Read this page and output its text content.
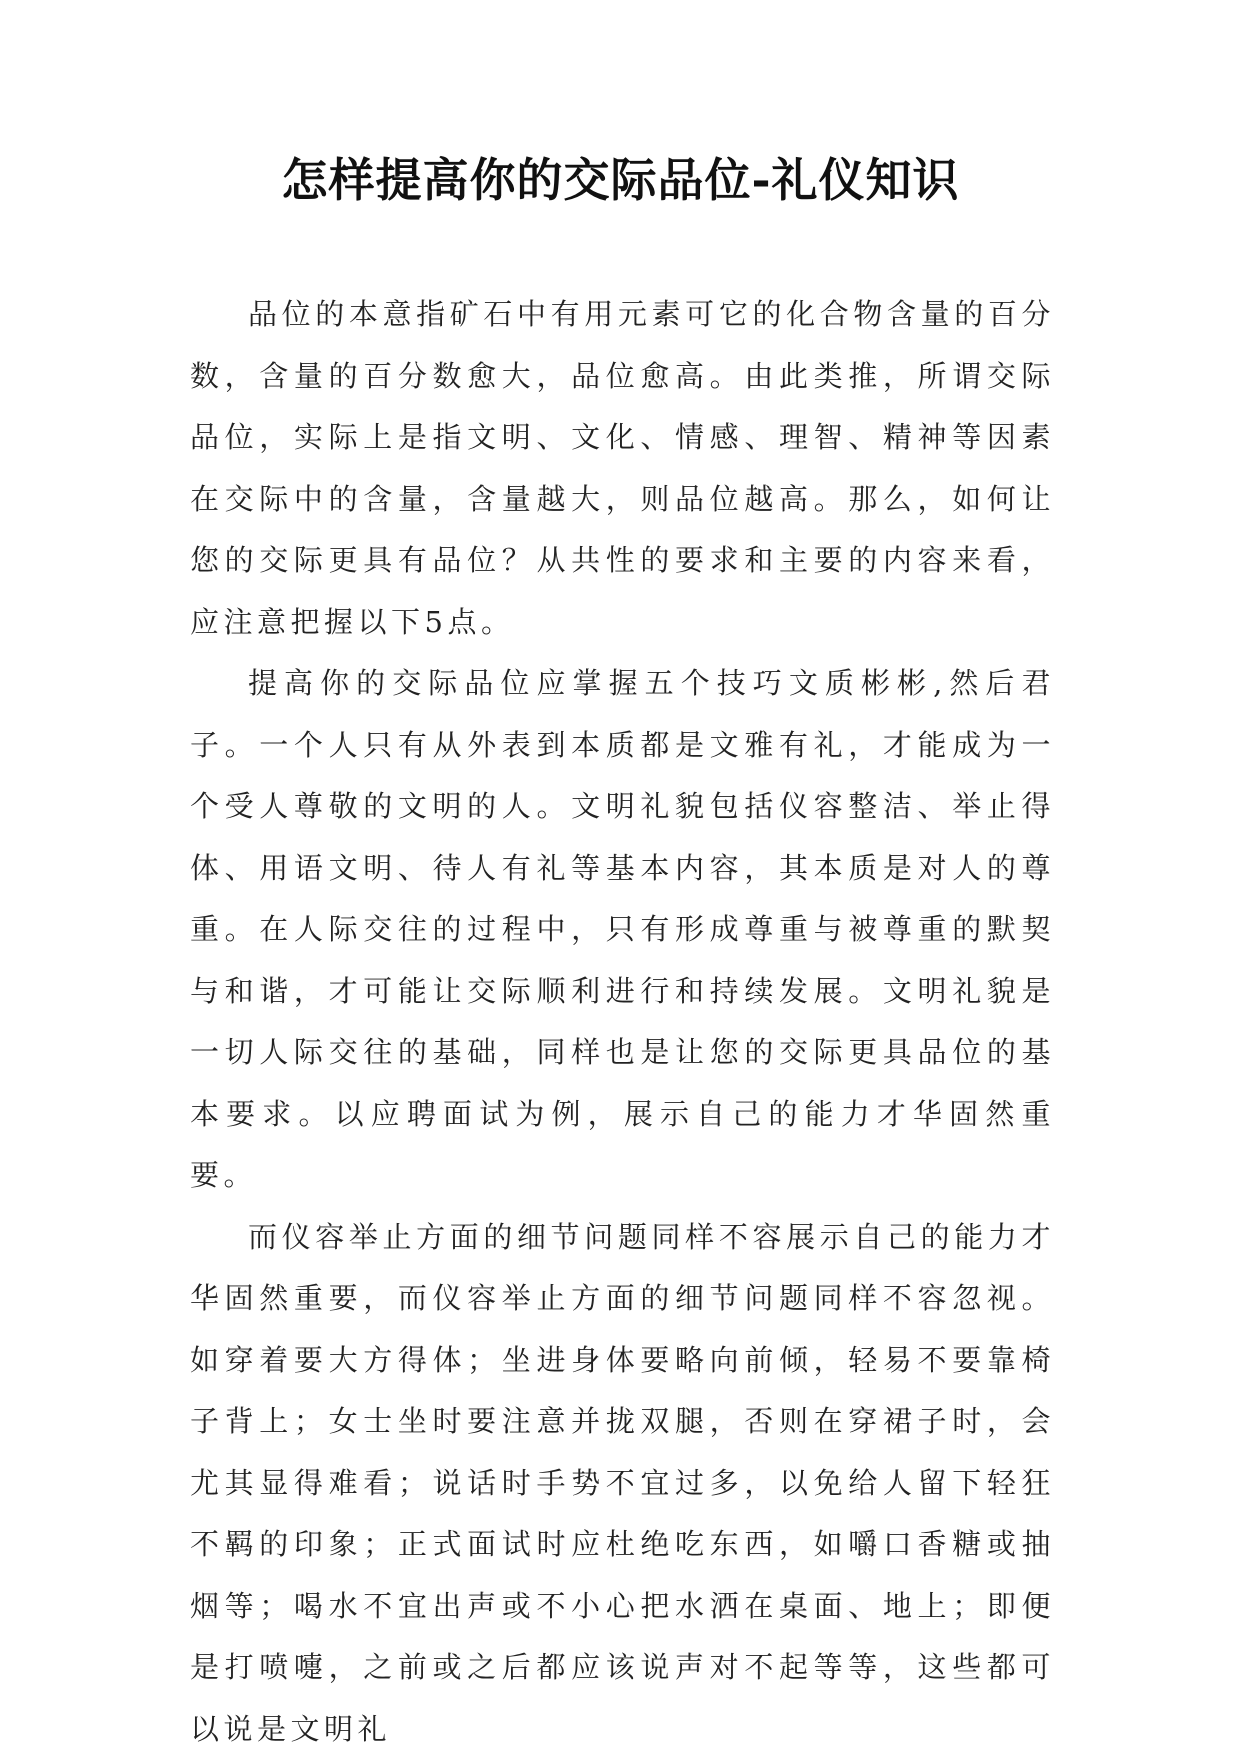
怎样提高你的交际品位-礼仪知识

品位的本意指矿石中有用元素可它的化合物含量的百分数，含量的百分数愈大，品位愈高。由此类推，所谓交际品位，实际上是指文明、文化、情感、理智、精神等因素在交际中的含量，含量越大，则品位越高。那么，如何让您的交际更具有品位？从共性的要求和主要的内容来看，应注意把握以下5点。

提高你的交际品位应掌握五个技巧文质彬彬,然后君子。一个人只有从外表到本质都是文雅有礼，才能成为一个受人尊敬的文明的人。文明礼貌包括仪容整洁、举止得体、用语文明、待人有礼等基本内容，其本质是对人的尊重。在人际交往的过程中，只有形成尊重与被尊重的默契与和谐，才可能让交际顺利进行和持续发展。文明礼貌是一切人际交往的基础，同样也是让您的交际更具品位的基本要求。以应聘面试为例，展示自己的能力才华固然重要。

而仪容举止方面的细节问题同样不容展示自己的能力才华固然重要，而仪容举止方面的细节问题同样不容忽视。如穿着要大方得体；坐进身体要略向前倾，轻易不要靠椅子背上；女士坐时要注意并拢双腿，否则在穿裙子时，会尤其显得难看；说话时手势不宜过多，以免给人留下轻狂不羁的印象；正式面试时应杜绝吃东西，如嚼口香糖或抽烟等；喝水不宜出声或不小心把水洒在桌面、地上；即便是打喷嚏，之前或之后都应该说声对不起等等，这些都可以说是文明礼
